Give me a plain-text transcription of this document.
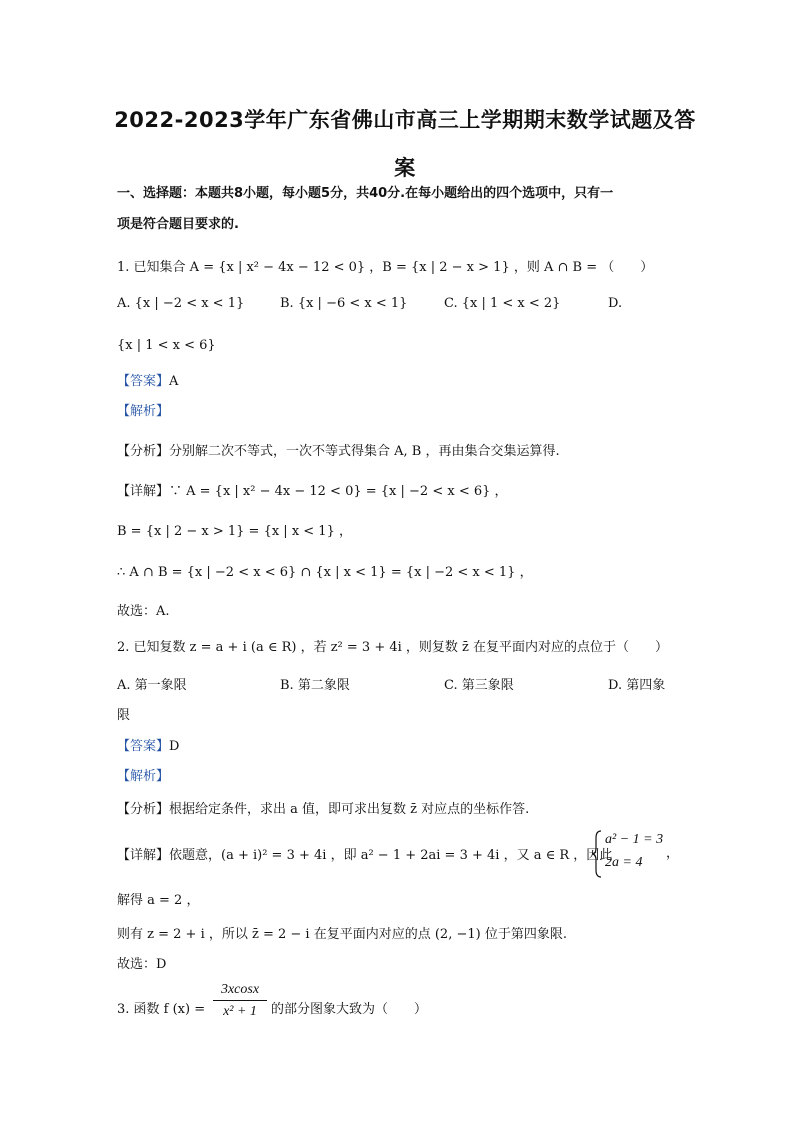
2022-2023学年广东省佛山市高三上学期期末数学试题及答案
一、选择题：本题共8小题，每小题5分，共40分.在每小题给出的四个选项中，只有一
项是符合题目要求的.
1. 已知集合 A = {x | x² − 4x − 12 < 0} ，B = {x | 2 − x > 1} ，则 A ∩ B = （　　）
A. {x | −2 < x < 1}	B. {x | −6 < x < 1}	C. {x | 1 < x < 2}	D.
{x | 1 < x < 6}
【答案】A
【解析】
【分析】分别解二次不等式，一次不等式得集合 A, B ，再由集合交集运算得.
【详解】∵ A = {x | x² − 4x − 12 < 0} = {x | −2 < x < 6} ，
B = {x | 2 − x > 1} = {x | x < 1} ，
∴ A ∩ B = {x | −2 < x < 6} ∩ {x | x < 1} = {x | −2 < x < 1} ，
故选：A.
2. 已知复数 z = a + i (a ∈ R) ，若 z² = 3 + 4i ，则复数 z̄ 在复平面内对应的点位于（　　）
A. 第一象限	B. 第二象限	C. 第三象限	D. 第四象
限
【答案】D
【解析】
【分析】根据给定条件，求出 a 值，即可求出复数 z̄ 对应点的坐标作答.
【详解】依题意，(a + i)² = 3 + 4i ，即 a² − 1 + 2ai = 3 + 4i ，又 a ∈ R ，因此
a² − 1 = 3
2a = 4
，
解得 a = 2 ，
则有 z = 2 + i ，所以 z̄ = 2 − i 在复平面内对应的点 (2, −1) 位于第四象限.
故选：D
3. 函数 f $(x) = \frac{3xcosx}{\text{x² + 1}}$ 的部分图象大致为（　　）
